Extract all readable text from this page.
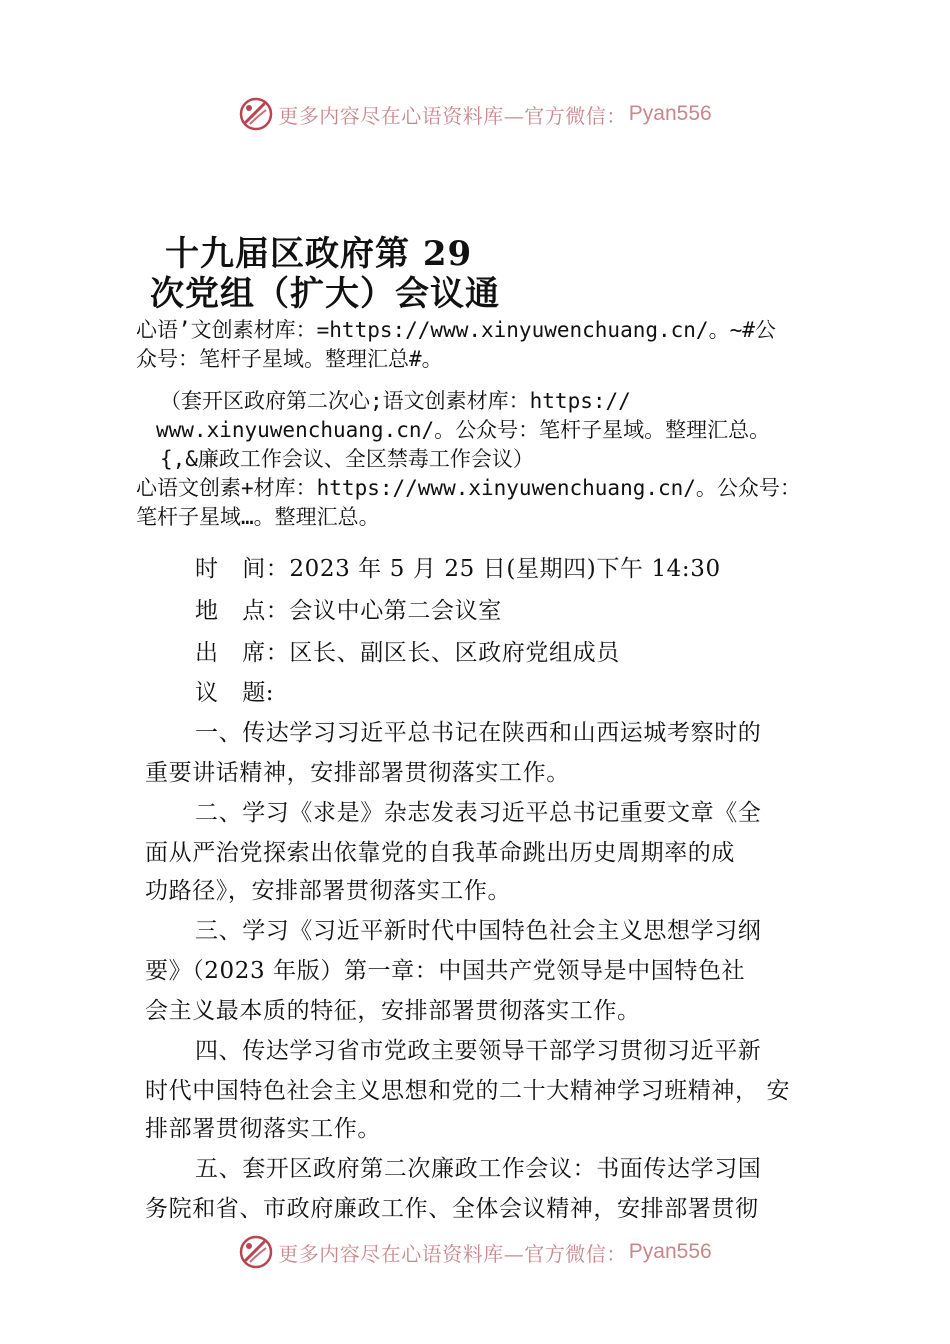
更多内容尽在心语资料库—官方微信： Pyan556
十九届区政府第 29
次党组（扩大）会议通
心语’文创素材库：=https://www.xinyuwenchuang.cn/。~#公
众号：笔杆子星域。整理汇总#。
（套开区政府第二次心;语文创素材库：https://
www.xinyuwenchuang.cn/。公众号：笔杆子星域。整理汇总。
{,&廉政工作会议、全区禁毒工作会议）
心语文创素+材库：https://www.xinyuwenchuang.cn/。公众号：
笔杆子星域…。整理汇总。
时　间：2023 年 5 月 25 日(星期四)下午 14:30
地　点：会议中心第二会议室
出　席：区长、副区长、区政府党组成员
议　题:
一、传达学习习近平总书记在陕西和山西运城考察时的
重要讲话精神，安排部署贯彻落实工作。
二、学习《求是》杂志发表习近平总书记重要文章《全
面从严治党探索出依靠党的自我革命跳出历史周期率的成
功路径》，安排部署贯彻落实工作。
三、学习《习近平新时代中国特色社会主义思想学习纲
要》（2023 年版）第一章：中国共产党领导是中国特色社
会主义最本质的特征，安排部署贯彻落实工作。
四、传达学习省市党政主要领导干部学习贯彻习近平新
时代中国特色社会主义思想和党的二十大精神学习班精神， 安
排部署贯彻落实工作。
五、套开区政府第二次廉政工作会议：书面传达学习国
务院和省、市政府廉政工作、全体会议精神，安排部署贯彻
更多内容尽在心语资料库—官方微信： Pyan556
